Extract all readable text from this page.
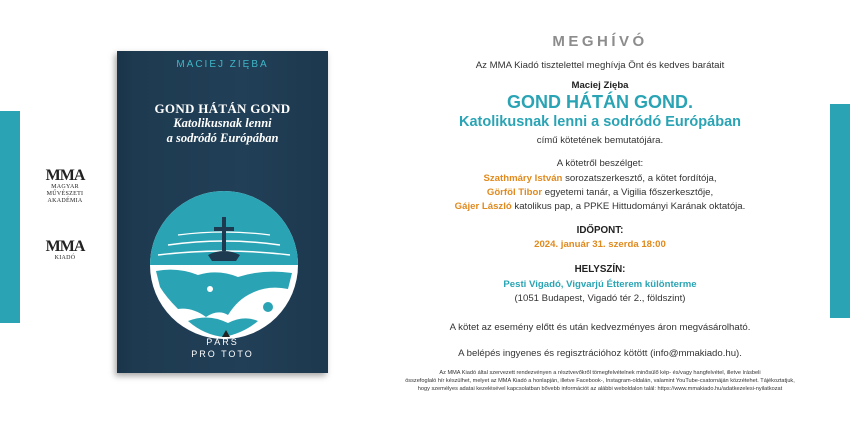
MMA
MAGYAR
MŰVÉSZETI
AKADÉMIA
MMA
KIADÓ
MACIEJ ZIĘBA
GOND HÁTÁN GOND
Katolikusnak lenni
a sodródó Európában
PÁRS
PRO TOTO
MEGHÍVÓ
Az MMA Kiadó tisztelettel meghívja Önt és kedves barátait
Maciej Zięba
GOND HÁTÁN GOND.
Katolikusnak lenni a sodródó Európában
című kötetének bemutatójára.
A kötetről beszélget:
Szathmáry István sorozatszerkesztő, a kötet fordítója,
Görföl Tibor egyetemi tanár, a Vigilia főszerkesztője,
Gájer László katolikus pap, a PPKE Hittudományi Karának oktatója.
IDŐPONT:
2024. január 31. szerda 18:00
HELYSZÍN:
Pesti Vigadó, Vigvarjú Étterem különterme
(1051 Budapest, Vigadó tér 2., földszint)
A kötet az esemény előtt és után kedvezményes áron megvásárolható.
A belépés ingyenes és regisztrációhoz kötött (info@mmakiado.hu).
Az MMA Kiadó által szervezett rendezvényen a résztvevőkről tömegfelvételnek minősülő kép- és/vagy hangfelvétel, illetve írásbeli
összefoglaló hír készülhet, melyet az MMA Kiadó a honlapján, illetve Facebook-, Instagram-oldalán, valamint YouTube-csatornáján közzétehet. Tájékoztatjuk,
hogy személyes adatai kezelésével kapcsolatban bővebb információt az alábbi weboldalon talál: https://www.mmakiado.hu/adatkezelesi-nyilatkozat
